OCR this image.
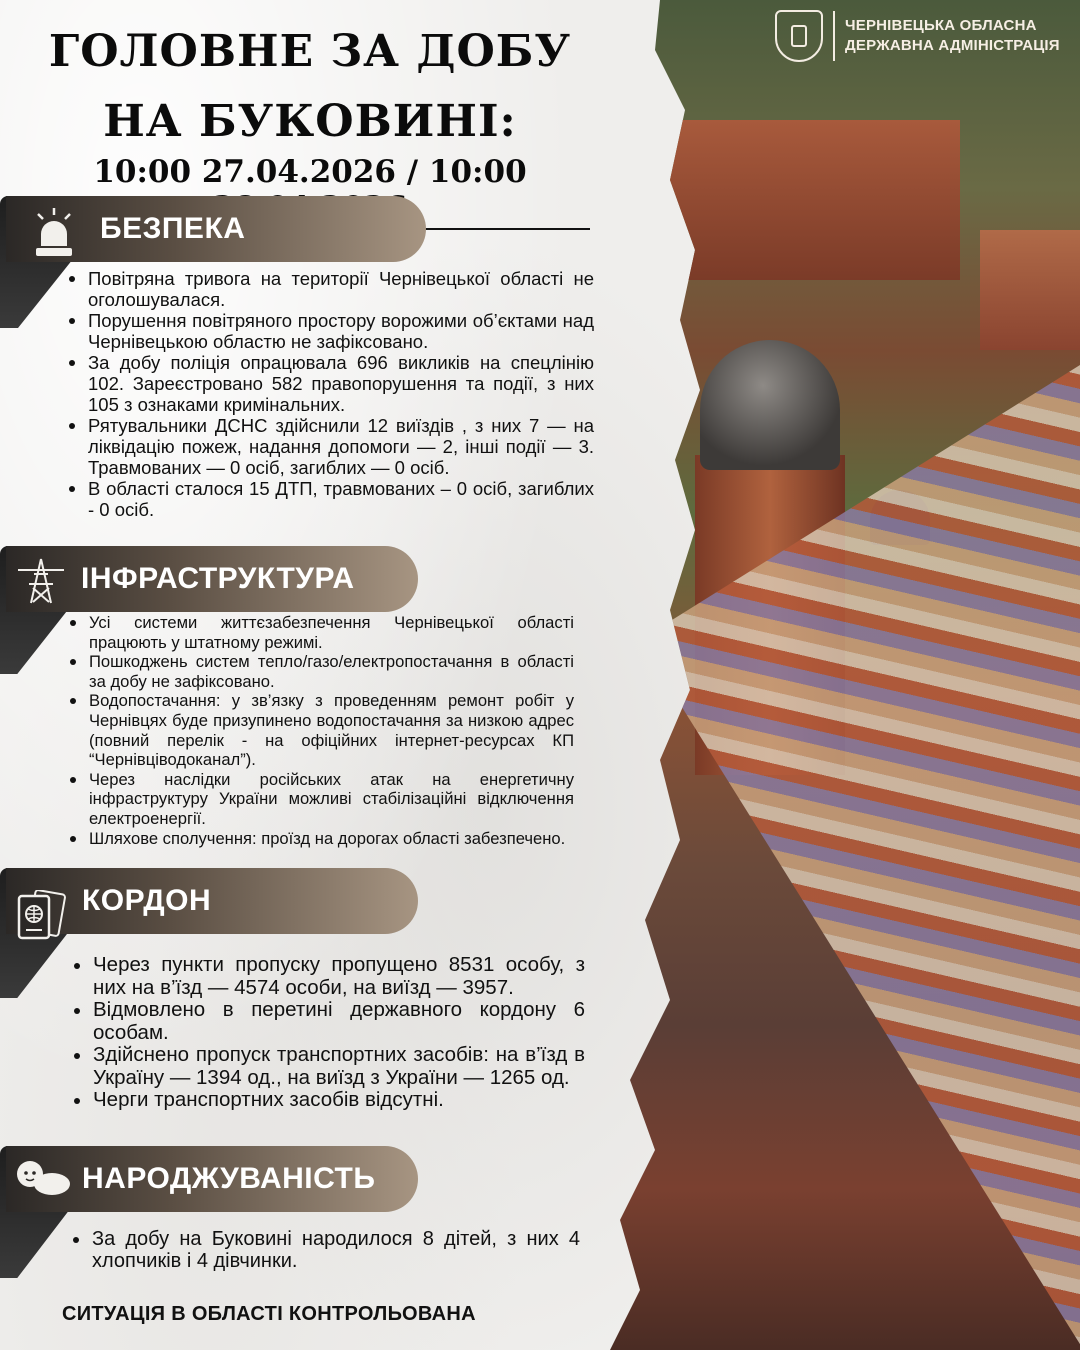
ЧЕРНІВЕЦЬКА ОБЛАСНА
ДЕРЖАВНА АДМІНІСТРАЦІЯ
ГОЛОВНЕ ЗА ДОБУ
НА БУКОВИНІ:
10:00 27.04.2026 / 10:00
БЕЗПЕКА
Повітряна тривога на території Чернівецької області не оголошувалася.
Порушення повітряного простору ворожими об’єктами над Чернівецькою областю не зафіксовано.
За добу поліція опрацювала 696 викликів на спецлінію 102. Зареєстровано 582 правопорушення та події, з них 105 з ознаками кримінальних.
Рятувальники ДСНС здійснили 12 виїздів , з них 7 — на ліквідацію пожеж, надання допомоги — 2, інші події — 3. Травмованих — 0 осіб, загиблих — 0 осіб.
В області сталося 15 ДТП, травмованих – 0 осіб, загиблих - 0 осіб.
ІНФРАСТРУКТУРА
Усі системи життєзабезпечення Чернівецької області працюють у штатному режимі.
Пошкоджень систем тепло/газо/електропостачання в області за добу не зафіксовано.
Водопостачання: у зв’язку з проведенням ремонт робіт у Чернівцях буде призупинено водопостачання за низкою адрес (повний перелік - на офіційних інтернет-ресурсах КП “Чернівціводоканал”).
Через наслідки російських атак на енергетичну інфраструктуру України можливі стабілізаційні відключення електроенергії.
Шляхове сполучення: проїзд на дорогах області забезпечено.
КОРДОН
Через пункти пропуску пропущено 8531 особу, з них на в’їзд — 4574 особи, на виїзд — 3957.
Відмовлено в перетині державного кордону 6 особам.
Здійснено пропуск транспортних засобів: на в’їзд в Україну — 1394 од., на виїзд з України — 1265 од.
Черги транспортних засобів відсутні.
НАРОДЖУВАНІСТЬ
За добу на Буковині народилося 8 дітей, з них 4 хлопчиків і 4 дівчинки.
СИТУАЦІЯ В ОБЛАСТІ КОНТРОЛЬОВАНА
